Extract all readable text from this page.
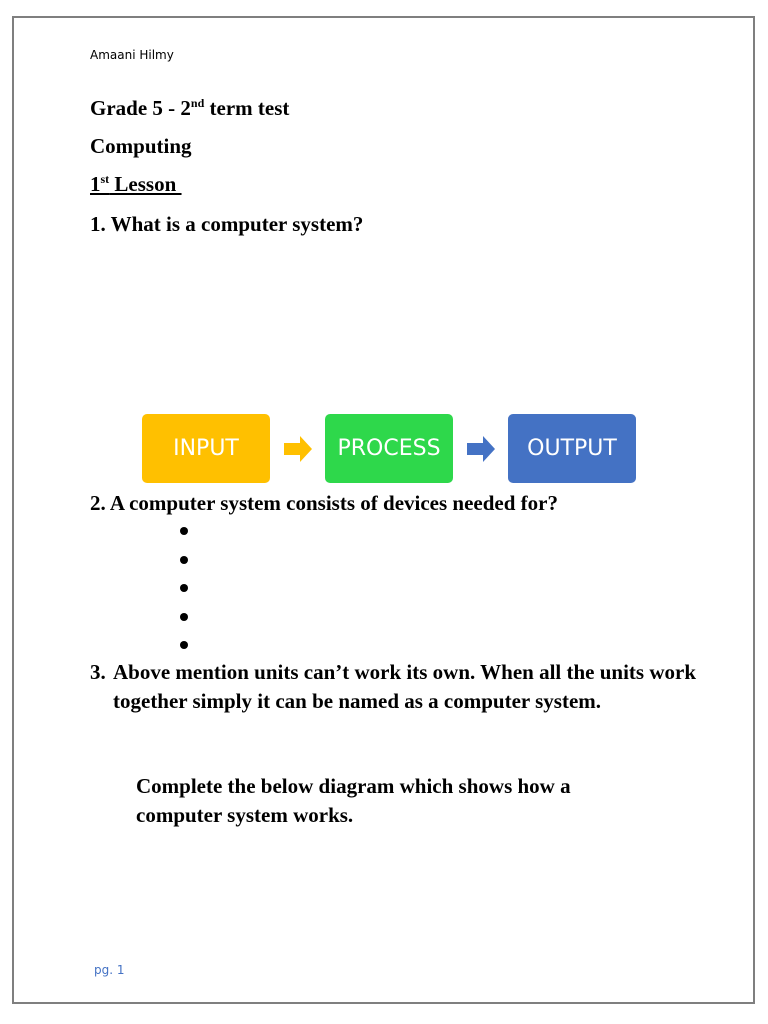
Amaani Hilmy
Grade 5 - 2nd term test
Computing
1st Lesson
1. What is a computer system?
INPUT	PROCESS	OUTPUT
2. A computer system consists of devices needed for?
3. Above mention units can’t work its own. When all the units work together simply it can be named as a computer system.
Complete the below diagram which shows how a computer system works.
pg. 1
